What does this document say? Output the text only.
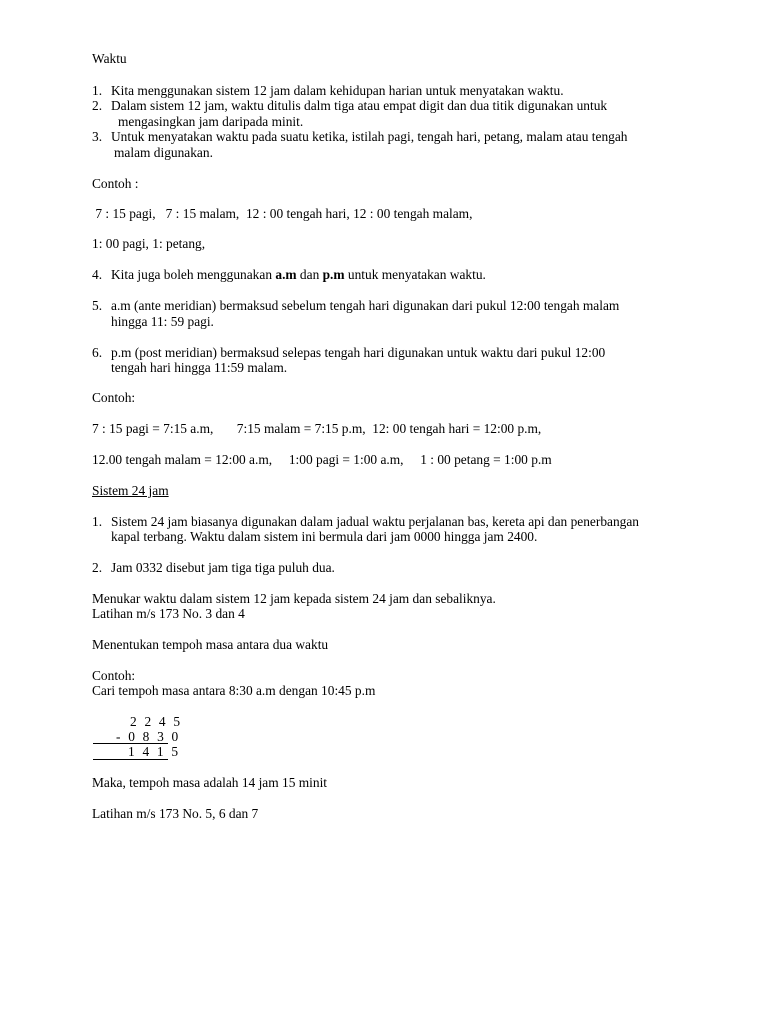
Waktu
1. Kita menggunakan sistem 12 jam dalam kehidupan harian untuk menyatakan waktu.
2. Dalam sistem 12 jam, waktu ditulis dalm tiga atau empat digit dan dua titik digunakan untuk
mengasingkan jam daripada minit.
3. Untuk menyatakan waktu pada suatu ketika, istilah pagi, tengah hari, petang, malam atau tengah
malam digunakan.
Contoh :
7 : 15 pagi,   7 : 15 malam,  12 : 00 tengah hari, 12 : 00 tengah malam,
1: 00 pagi, 1: petang,
4. Kita juga boleh menggunakan a.m dan p.m untuk menyatakan waktu.
5. a.m (ante meridian) bermaksud sebelum tengah hari digunakan dari pukul 12:00 tengah malam
hingga 11: 59 pagi.
6. p.m (post meridian) bermaksud selepas tengah hari digunakan untuk waktu dari pukul 12:00
tengah hari hingga 11:59 malam.
Contoh:
7 : 15 pagi = 7:15 a.m,       7:15 malam = 7:15 p.m,  12: 00 tengah hari = 12:00 p.m,
12.00 tengah malam = 12:00 a.m,     1:00 pagi = 1:00 a.m,     1 : 00 petang = 1:00 p.m
Sistem 24 jam
1. Sistem 24 jam biasanya digunakan dalam jadual waktu perjalanan bas, kereta api dan penerbangan
kapal terbang. Waktu dalam sistem ini bermula dari jam 0000 hingga jam 2400.
2. Jam 0332 disebut jam tiga tiga puluh dua.
Menukar waktu dalam sistem 12 jam kepada sistem 24 jam dan sebaliknya.
Latihan m/s 173 No. 3 dan 4
Menentukan tempoh masa antara dua waktu
Contoh:
Cari tempoh masa antara 8:30 a.m dengan 10:45 p.m
2 2 4 5
- 0 8 3 0
1 4 1 5
Maka, tempoh masa adalah 14 jam 15 minit
Latihan m/s 173 No. 5, 6 dan 7
